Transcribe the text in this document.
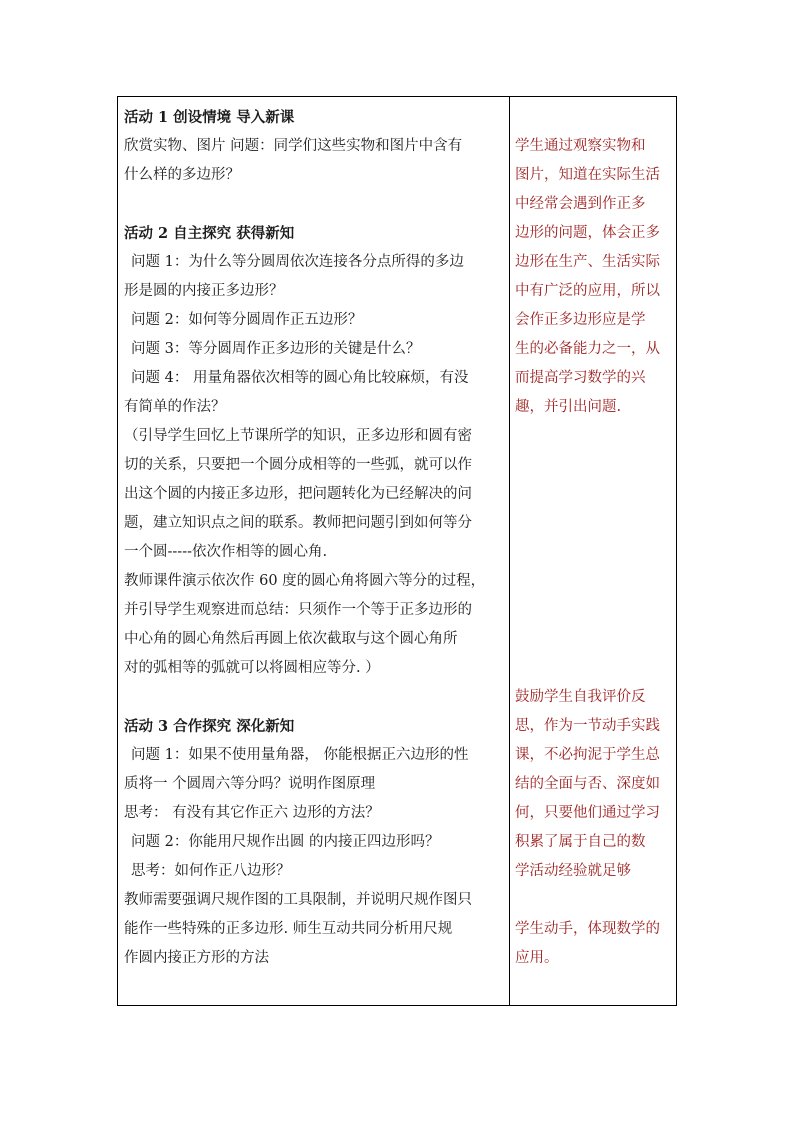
活动 1 创设情境 导入新课
欣赏实物、图片 问题：同学们这些实物和图片中含有
什么样的多边形？
活动 2 自主探究 获得新知
问题 1：为什么等分圆周依次连接各分点所得的多边
形是圆的内接正多边形？
问题 2：如何等分圆周作正五边形？
问题 3：等分圆周作正多边形的关键是什么？
问题 4： 用量角器依次相等的圆心角比较麻烦，有没
有简单的作法？
（引导学生回忆上节课所学的知识，正多边形和圆有密
切的关系，只要把一个圆分成相等的一些弧，就可以作
出这个圆的内接正多边形，把问题转化为已经解决的问
题，建立知识点之间的联系。教师把问题引到如何等分
一个圆-----依次作相等的圆心角.
教师课件演示依次作 60 度的圆心角将圆六等分的过程，
并引导学生观察进而总结：只须作一个等于正多边形的
中心角的圆心角然后再圆上依次截取与这个圆心角所
对的弧相等的弧就可以将圆相应等分. ）
活动 3 合作探究 深化新知
问题 1：如果不使用量角器， 你能根据正六边形的性
质将一 个圆周六等分吗？说明作图原理
思考： 有没有其它作正六 边形的方法？
问题 2：你能用尺规作出圆 的内接正四边形吗？
思考：如何作正八边形？
教师需要强调尺规作图的工具限制，并说明尺规作图只
能作一些特殊的正多边形. 师生互动共同分析用尺规
作圆内接正方形的方法
学生通过观察实物和
图片，知道在实际生活
中经常会遇到作正多
边形的问题，体会正多
边形在生产、生活实际
中有广泛的应用，所以
会作正多边形应是学
生的必备能力之一，从
而提高学习数学的兴
趣，并引出问题.
鼓励学生自我评价反
思，作为一节动手实践
课，不必拘泥于学生总
结的全面与否、深度如
何，只要他们通过学习
积累了属于自己的数
学活动经验就足够
学生动手，体现数学的
应用。
